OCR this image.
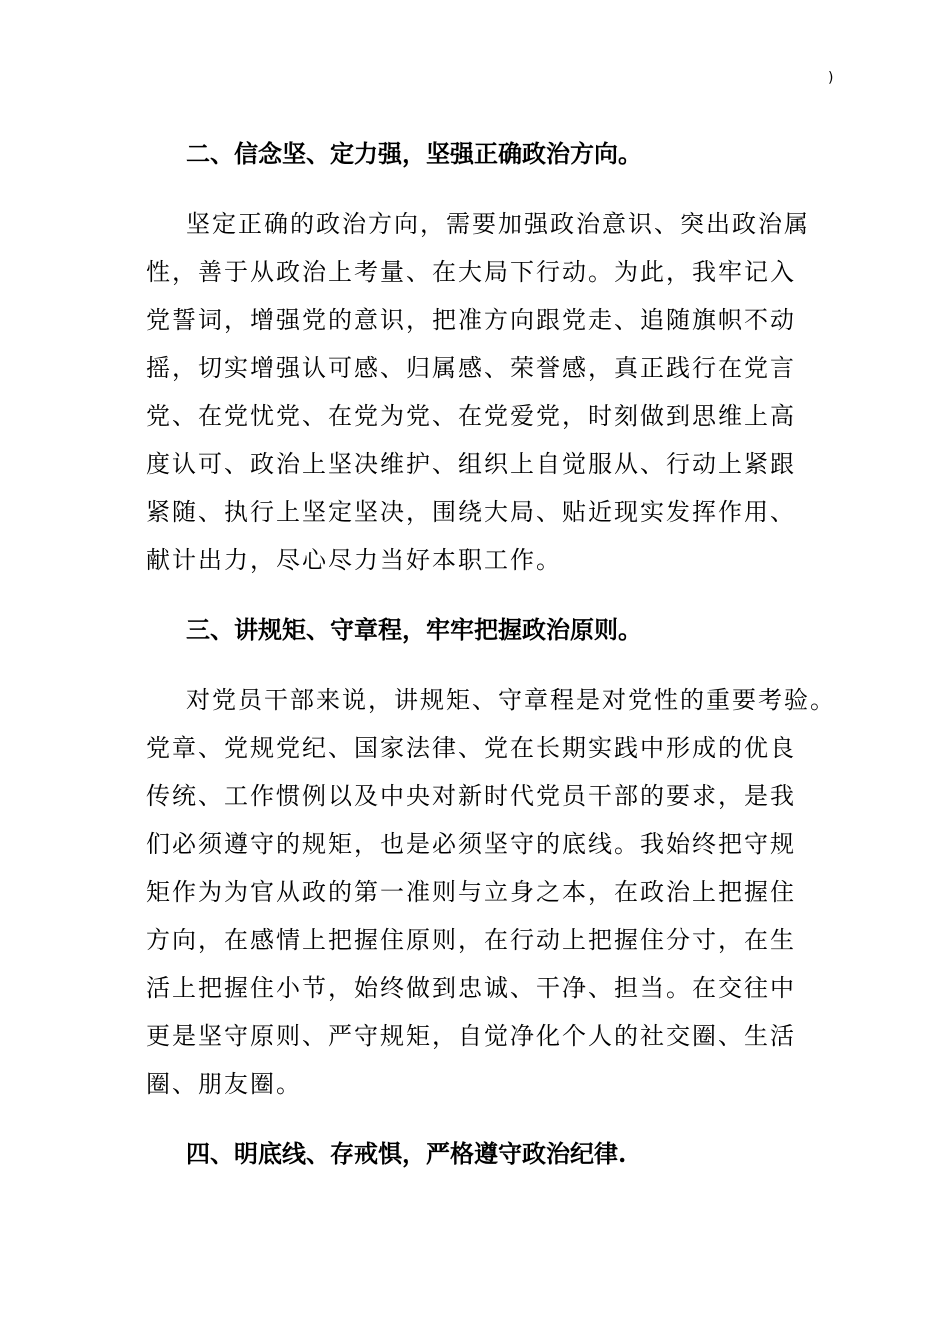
)
二、信念坚、定力强，坚强正确政治方向。
坚定正确的政治方向，需要加强政治意识、突出政治属
性，善于从政治上考量、在大局下行动。为此，我牢记入
党誓词，增强党的意识，把准方向跟党走、追随旗帜不动
摇，切实增强认可感、归属感、荣誉感，真正践行在党言
党、在党忧党、在党为党、在党爱党，时刻做到思维上高
度认可、政治上坚决维护、组织上自觉服从、行动上紧跟
紧随、执行上坚定坚决，围绕大局、贴近现实发挥作用、
献计出力，尽心尽力当好本职工作。
三、讲规矩、守章程，牢牢把握政治原则。
对党员干部来说，讲规矩、守章程是对党性的重要考验。
党章、党规党纪、国家法律、党在长期实践中形成的优良
传统、工作惯例以及中央对新时代党员干部的要求，是我
们必须遵守的规矩，也是必须坚守的底线。我始终把守规
矩作为为官从政的第一准则与立身之本，在政治上把握住
方向，在感情上把握住原则，在行动上把握住分寸，在生
活上把握住小节，始终做到忠诚、干净、担当。在交往中
更是坚守原则、严守规矩，自觉净化个人的社交圈、生活
圈、朋友圈。
四、明底线、存戒惧，严格遵守政治纪律.
